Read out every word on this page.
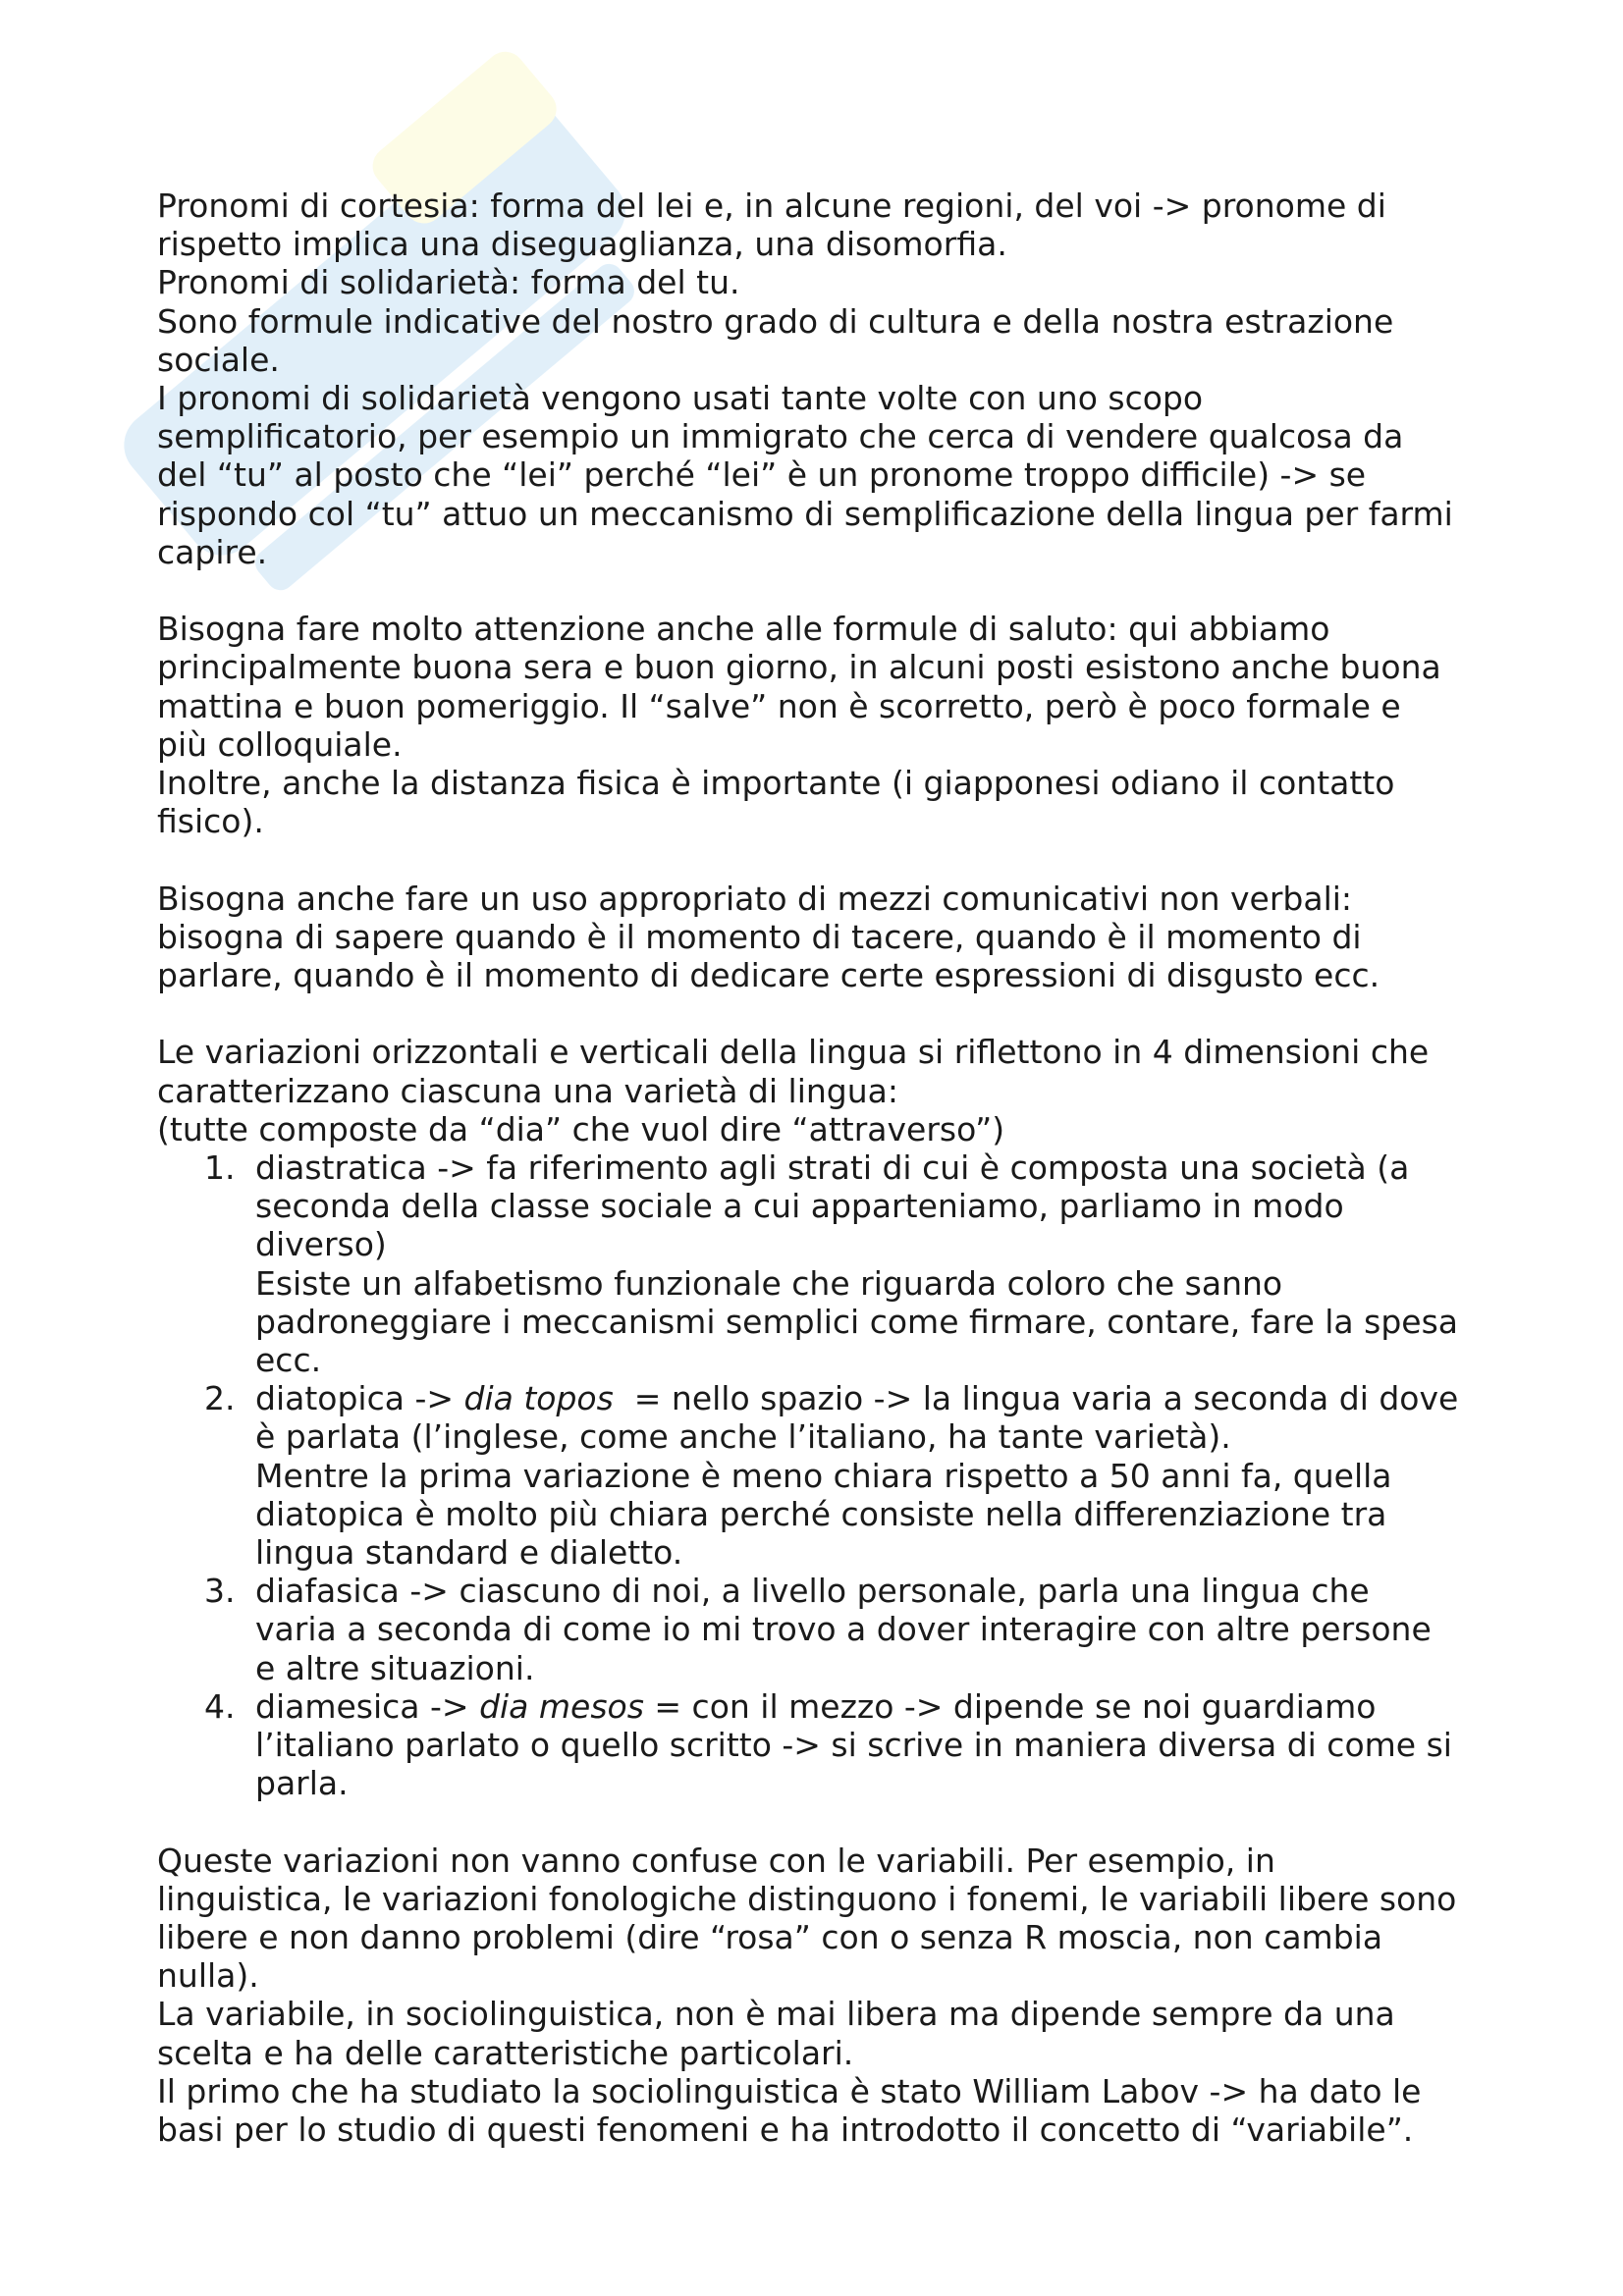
Pronomi di cortesia: forma del lei e, in alcune regioni, del voi -> pronome di

rispetto implica una diseguaglianza, una disomorfia.

Pronomi di solidarietà: forma del tu.

Sono formule indicative del nostro grado di cultura e della nostra estrazione

sociale.

I pronomi di solidarietà vengono usati tante volte con uno scopo

semplificatorio, per esempio un immigrato che cerca di vendere qualcosa da

del “tu” al posto che “lei” perché “lei” è un pronome troppo difficile) -> se

rispondo col “tu” attuo un meccanismo di semplificazione della lingua per farmi

capire.

Bisogna fare molto attenzione anche alle formule di saluto: qui abbiamo

principalmente buona sera e buon giorno, in alcuni posti esistono anche buona

mattina e buon pomeriggio. Il “salve” non è scorretto, però è poco formale e

più colloquiale.

Inoltre, anche la distanza fisica è importante (i giapponesi odiano il contatto

fisico).

Bisogna anche fare un uso appropriato di mezzi comunicativi non verbali:

bisogna di sapere quando è il momento di tacere, quando è il momento di

parlare, quando è il momento di dedicare certe espressioni di disgusto ecc.

Le variazioni orizzontali e verticali della lingua si riflettono in 4 dimensioni che

caratterizzano ciascuna una varietà di lingua:

(tutte composte da “dia” che vuol dire “attraverso”)

1. diastratica -> fa riferimento agli strati di cui è composta una società (a
seconda della classe sociale a cui apparteniamo, parliamo in modo
diverso)
Esiste un alfabetismo funzionale che riguarda coloro che sanno
padroneggiare i meccanismi semplici come firmare, contare, fare la spesa
ecc.
2. diatopica -> dia topos  = nello spazio -> la lingua varia a seconda di dove
è parlata (l’inglese, come anche l’italiano, ha tante varietà).
Mentre la prima variazione è meno chiara rispetto a 50 anni fa, quella
diatopica è molto più chiara perché consiste nella differenziazione tra
lingua standard e dialetto.
3. diafasica -> ciascuno di noi, a livello personale, parla una lingua che
varia a seconda di come io mi trovo a dover interagire con altre persone
e altre situazioni.
4. diamesica -> dia mesos = con il mezzo -> dipende se noi guardiamo
l’italiano parlato o quello scritto -> si scrive in maniera diversa di come si
parla.

Queste variazioni non vanno confuse con le variabili. Per esempio, in

linguistica, le variazioni fonologiche distinguono i fonemi, le variabili libere sono

libere e non danno problemi (dire “rosa” con o senza R moscia, non cambia

nulla).

La variabile, in sociolinguistica, non è mai libera ma dipende sempre da una

scelta e ha delle caratteristiche particolari.

Il primo che ha studiato la sociolinguistica è stato William Labov -> ha dato le

basi per lo studio di questi fenomeni e ha introdotto il concetto di “variabile”.
